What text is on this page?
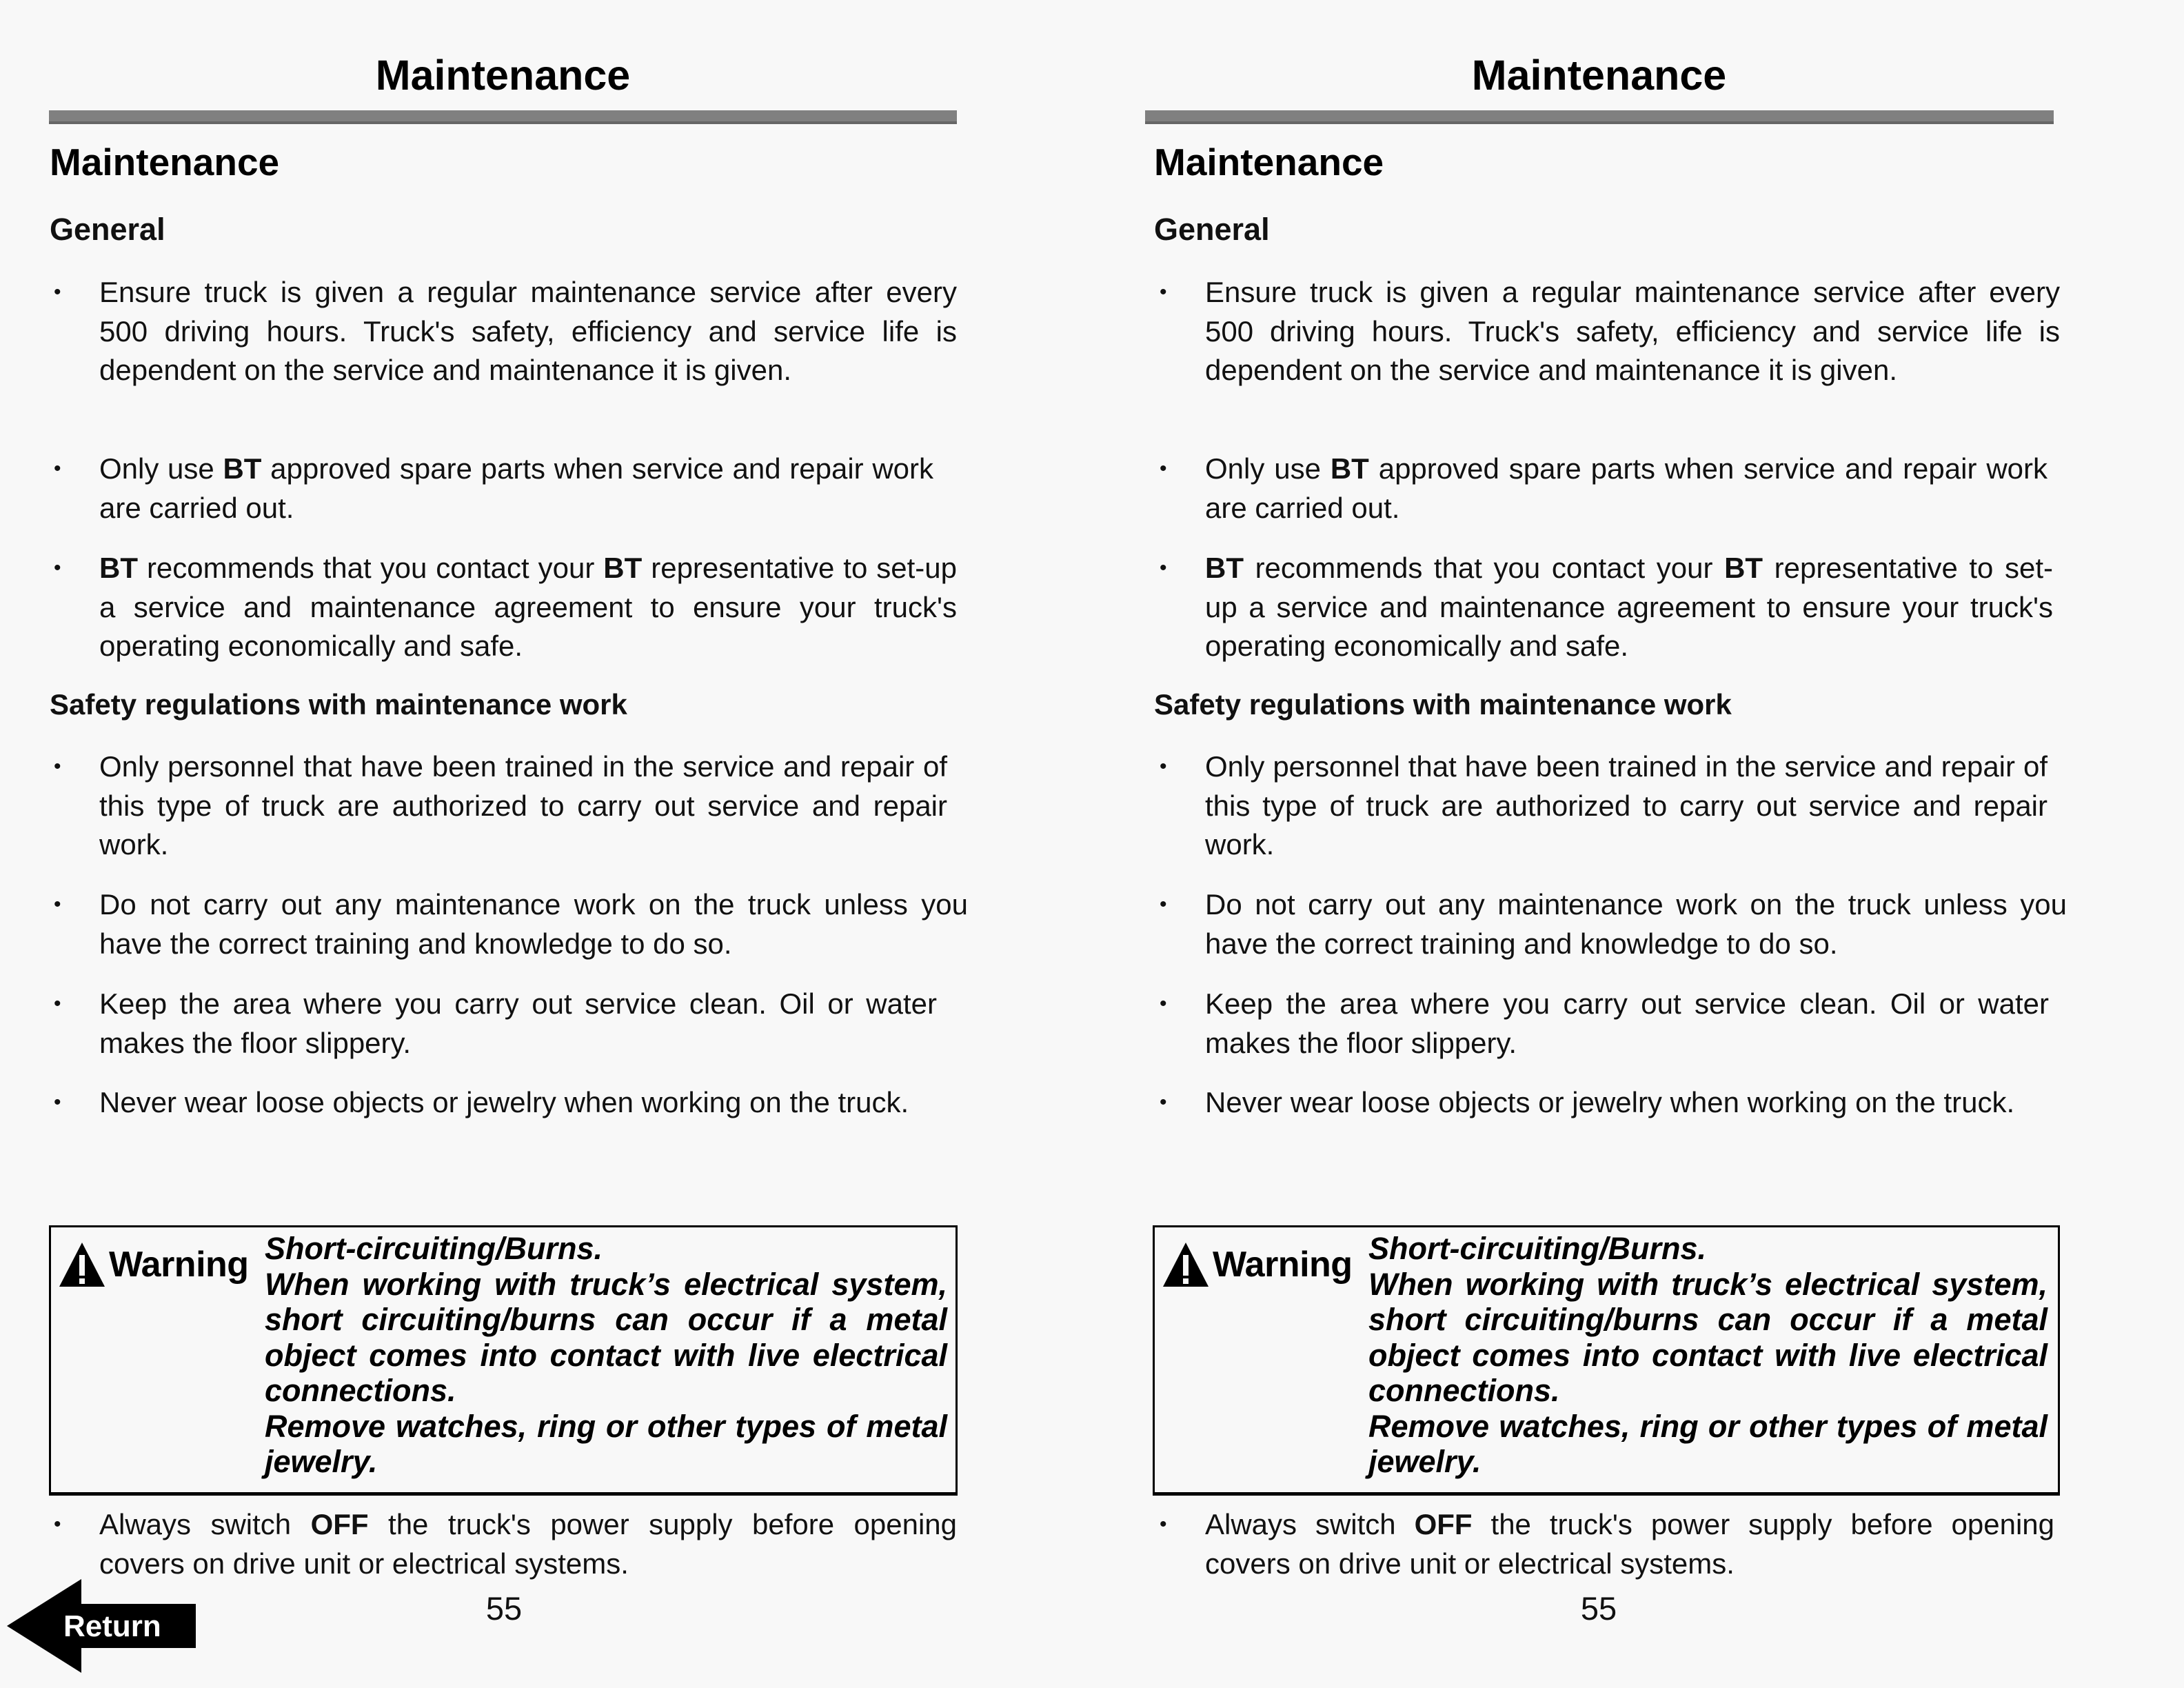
Maintenance
Maintenance
General
• Ensure truck is given a regular maintenance service after every 500 driving hours. Truck's safety, efficiency and service life is dependent on the service and maintenance it is given.
• Only use BT approved spare parts when service and repair work are carried out.
• BT recommends that you contact your BT representative to set-up a service and maintenance agreement to ensure your truck's operating economically and safe.
Safety regulations with maintenance work
• Only personnel that have been trained in the service and repair of this type of truck are authorized to carry out service and repair work.
• Do not carry out any maintenance work on the truck unless you have the correct training and knowledge to do so.
• Keep the area where you carry out service clean. Oil or water makes the floor slippery.
• Never wear loose objects or jewelry when working on the truck.
Warning Short-circuiting/Burns.

When working with truck’s electrical system, short circuiting/burns can occur if a metal object comes into contact with live electrical connections.

Remove watches, ring or other types of metal jewelry.

• Always switch OFF the truck's power supply before opening covers on drive unit or electrical systems.
55
Maintenance
Maintenance
General
• Ensure truck is given a regular maintenance service after every 500 driving hours. Truck's safety, efficiency and service life is dependent on the service and maintenance it is given.
• Only use BT approved spare parts when service and repair work are carried out.
• BT recommends that you contact your BT representative to set-up a service and maintenance agreement to ensure your truck's operating economically and safe.
Safety regulations with maintenance work
• Only personnel that have been trained in the service and repair of this type of truck are authorized to carry out service and repair work.
• Do not carry out any maintenance work on the truck unless you have the correct training and knowledge to do so.
• Keep the area where you carry out service clean. Oil or water makes the floor slippery.
• Never wear loose objects or jewelry when working on the truck.
Warning Short-circuiting/Burns.

When working with truck’s electrical system, short circuiting/burns can occur if a metal object comes into contact with live electrical connections.

Remove watches, ring or other types of metal jewelry.

• Always switch OFF the truck's power supply before opening covers on drive unit or electrical systems.
55
Return
